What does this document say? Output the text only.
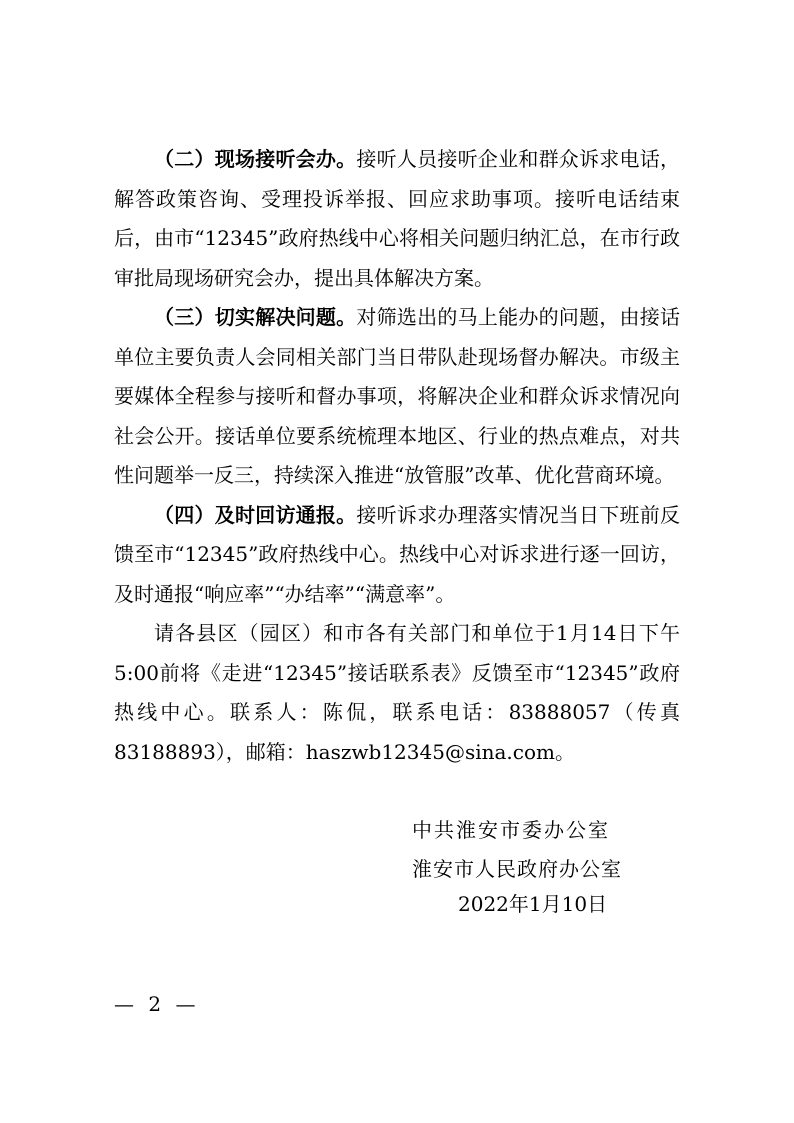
（二）现场接听会办。接听人员接听企业和群众诉求电话，解答政策咨询、受理投诉举报、回应求助事项。接听电话结束后，由市“12345”政府热线中心将相关问题归纳汇总，在市行政审批局现场研究会办，提出具体解决方案。

（三）切实解决问题。对筛选出的马上能办的问题，由接话单位主要负责人会同相关部门当日带队赴现场督办解决。市级主要媒体全程参与接听和督办事项，将解决企业和群众诉求情况向社会公开。接话单位要系统梳理本地区、行业的热点难点，对共性问题举一反三，持续深入推进“放管服”改革、优化营商环境。

（四）及时回访通报。接听诉求办理落实情况当日下班前反馈至市“12345”政府热线中心。热线中心对诉求进行逐一回访，及时通报“响应率”“办结率”“满意率”。

请各县区（园区）和市各有关部门和单位于1月14日下午5:00前将《走进“12345”接话联系表》反馈至市“12345”政府热线中心。联系人：陈侃，联系电话：83888057（传真83188893），邮箱：haszwb12345@sina.com。

中共淮安市委办公室
淮安市人民政府办公室
2022年1月10日
— 2 —
